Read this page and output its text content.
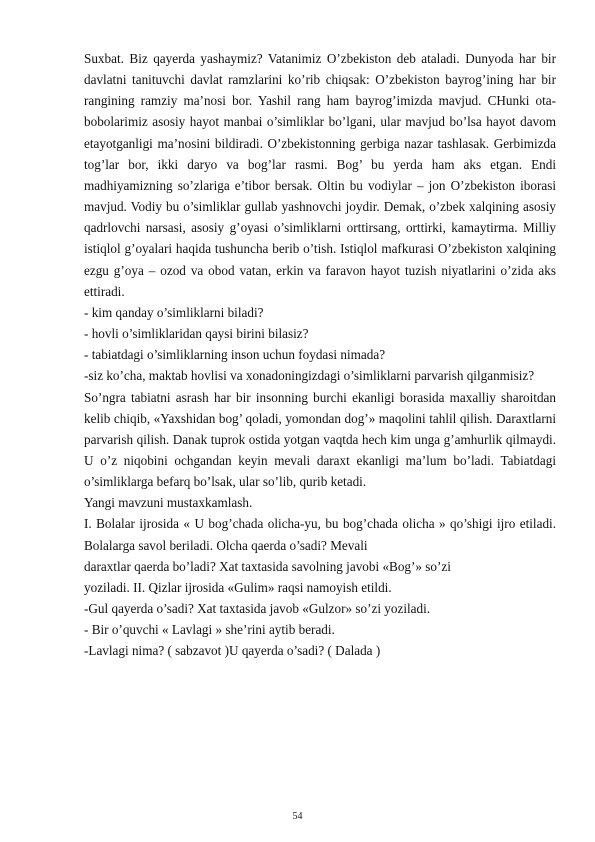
Suxbat. Biz qayerda yashaymiz? Vatanimiz O’zbekiston deb ataladi. Dunyoda har bir davlatni tanituvchi davlat ramzlarini ko’rib chiqsak: O’zbekiston bayrog’ining har bir rangining ramziy ma’nosi bor. Yashil rang ham bayrog’imizda mavjud. CHunki ota-bobolarimiz asosiy hayot manbai o’simliklar bo’lgani, ular mavjud bo’lsa hayot davom etayotganligi ma’nosini bildiradi. O’zbekistonning gerbiga nazar tashlasak. Gerbimizda tog’lar bor, ikki daryo va bog’lar rasmi. Bog’ bu yerda ham aks etgan. Endi madhiyamizning so’zlariga e’tibor bersak. Oltin bu vodiylar – jon O’zbekiston iborasi mavjud. Vodiy bu o’simliklar gullab yashnovchi joydir. Demak, o’zbek xalqining asosiy qadrlovchi narsasi, asosiy g’oyasi o’simliklarni orttirsang, orttirki, kamaytirma. Milliy istiqlol g’oyalari haqida tushuncha berib o’tish. Istiqlol mafkurasi O’zbekiston xalqining ezgu g’oya – ozod va obod vatan, erkin va faravon hayot tuzish niyatlarini o’zida aks ettiradi.

- kim qanday o’simliklarni biladi?

- hovli o’simliklaridan qaysi birini bilasiz?

- tabiatdagi o’simliklarning inson uchun foydasi nimada?

-siz ko’cha, maktab hovlisi va xonadoningizdagi o’simliklarni parvarish qilganmisiz?

So’ngra tabiatni asrash har bir insonning burchi ekanligi borasida maxalliy sharoitdan kelib chiqib, «Yaxshidan bog’ qoladi, yomondan dog’» maqolini tahlil qilish. Daraxtlarni parvarish qilish. Danak tuprok ostida yotgan vaqtda hech kim unga g’amhurlik qilmaydi. U o’z niqobini ochgandan keyin mevali daraxt ekanligi ma’lum bo’ladi. Tabiatdagi o’simliklarga befarq bo’lsak, ular so’lib, qurib ketadi.

Yangi mavzuni mustaxkamlash.

I. Bolalar ijrosida « U bog’chada olicha-yu, bu bog’chada olicha » qo’shigi ijro etiladi. Bolalarga savol beriladi. Olcha qaerda o’sadi? Mevali

daraxtlar qaerda bo’ladi? Xat taxtasida savolning javobi «Bog’» so’zi

yoziladi. II. Qizlar ijrosida «Gulim» raqsi namoyish etildi.

-Gul qayerda o’sadi? Xat taxtasida javob «Gulzor» so’zi yoziladi.

- Bir o’quvchi « Lavlagi » she’rini aytib beradi.

-Lavlagi nima? ( sabzavot )U qayerda o’sadi? ( Dalada )

54
